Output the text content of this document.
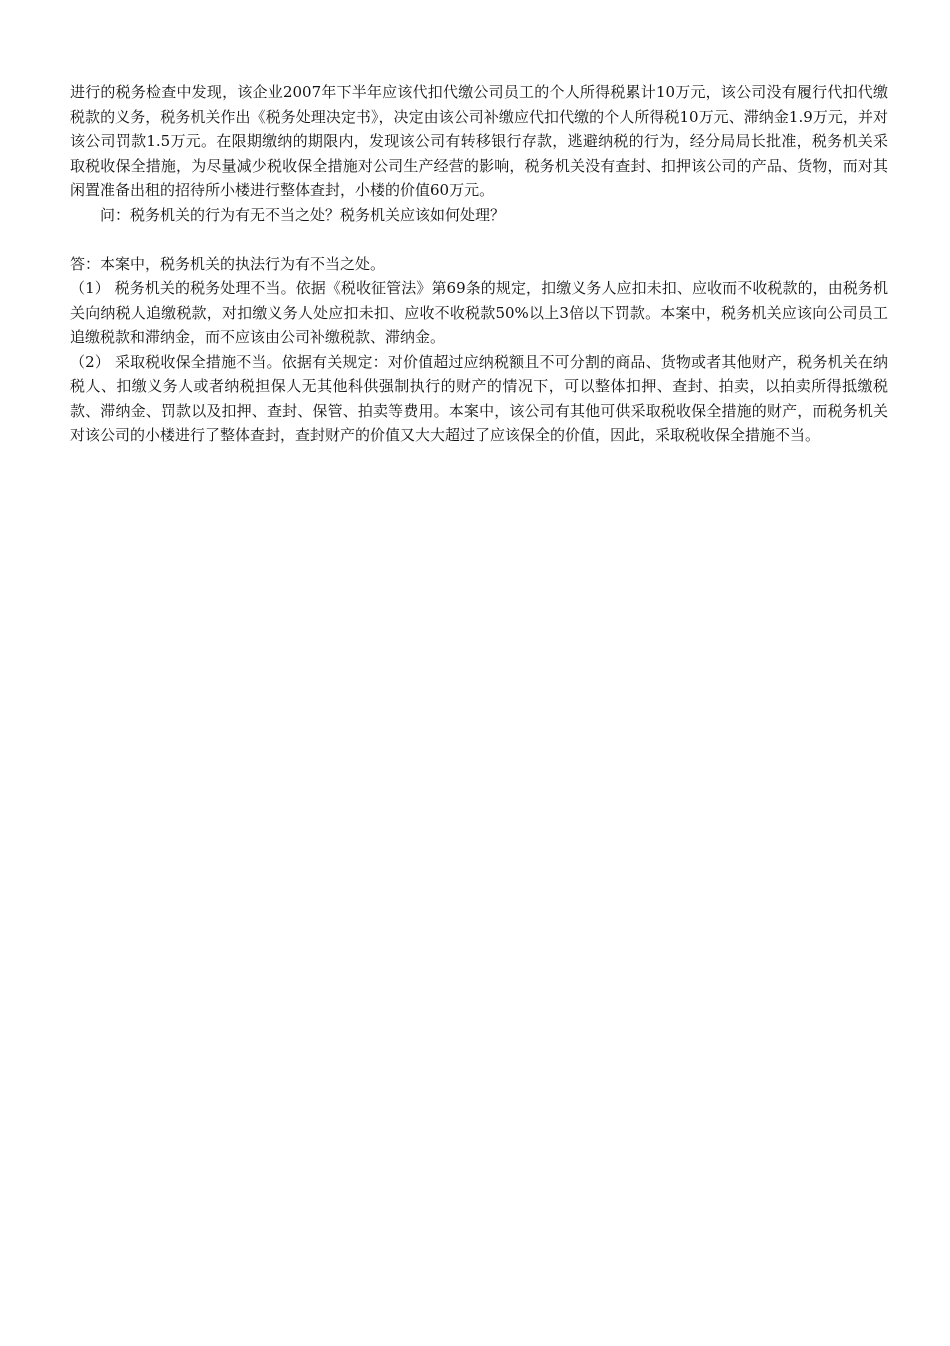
进行的税务检查中发现，该企业2007年下半年应该代扣代缴公司员工的个人所得税累计10万元，该公司没有履行代扣代缴税款的义务，税务机关作出《税务处理决定书》，决定由该公司补缴应代扣代缴的个人所得税10万元、滞纳金1.9万元，并对该公司罚款1.5万元。在限期缴纳的期限内，发现该公司有转移银行存款，逃避纳税的行为，经分局局长批准，税务机关采取税收保全措施，为尽量减少税收保全措施对公司生产经营的影响，税务机关没有查封、扣押该公司的产品、货物，而对其闲置准备出租的招待所小楼进行整体查封，小楼的价值60万元。

问：税务机关的行为有无不当之处？税务机关应该如何处理？

答：本案中，税务机关的执法行为有不当之处。

（1） 税务机关的税务处理不当。依据《税收征管法》第69条的规定，扣缴义务人应扣未扣、应收而不收税款的，由税务机关向纳税人追缴税款，对扣缴义务人处应扣未扣、应收不收税款50%以上3倍以下罚款。本案中，税务机关应该向公司员工追缴税款和滞纳金，而不应该由公司补缴税款、滞纳金。

（2） 采取税收保全措施不当。依据有关规定：对价值超过应纳税额且不可分割的商品、货物或者其他财产，税务机关在纳税人、扣缴义务人或者纳税担保人无其他科供强制执行的财产的情况下，可以整体扣押、查封、拍卖，以拍卖所得抵缴税款、滞纳金、罚款以及扣押、查封、保管、拍卖等费用。本案中，该公司有其他可供采取税收保全措施的财产，而税务机关对该公司的小楼进行了整体查封，查封财产的价值又大大超过了应该保全的价值，因此，采取税收保全措施不当。
